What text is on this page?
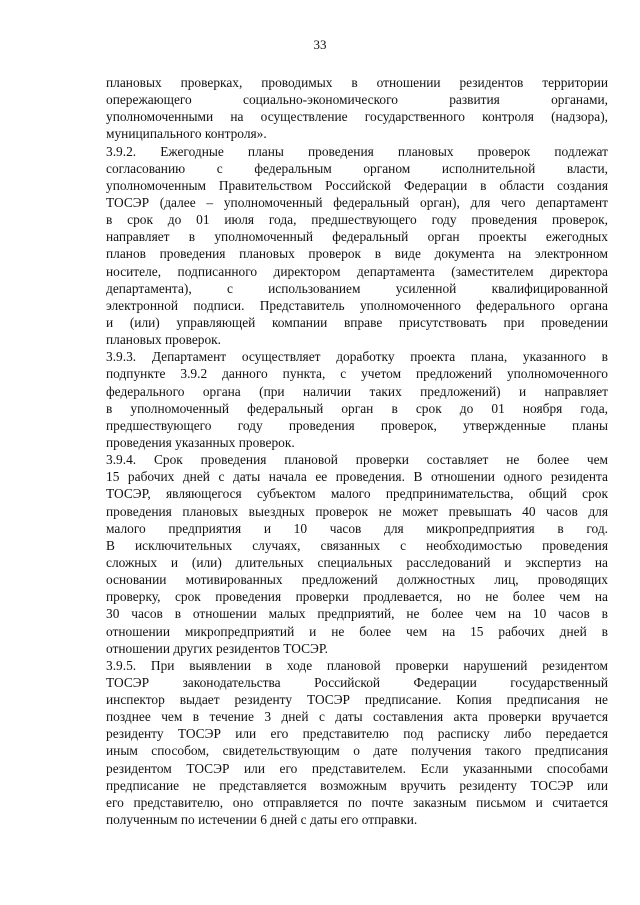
33
плановых проверках, проводимых в отношении резидентов территории
опережающего социально-экономического развития органами,
уполномоченными на осуществление государственного контроля (надзора),
муниципального контроля».
3.9.2. Ежегодные планы проведения плановых проверок подлежат
согласованию с федеральным органом исполнительной власти,
уполномоченным Правительством Российской Федерации в области создания
ТОСЭР (далее – уполномоченный федеральный орган), для чего департамент
в срок до 01 июля года, предшествующего году проведения проверок,
направляет в уполномоченный федеральный орган проекты ежегодных
планов проведения плановых проверок в виде документа на электронном
носителе, подписанного директором департамента (заместителем директора
департамента), с использованием усиленной квалифицированной
электронной подписи. Представитель уполномоченного федерального органа
и (или) управляющей компании вправе присутствовать при проведении
плановых проверок.
3.9.3. Департамент осуществляет доработку проекта плана, указанного в
подпункте 3.9.2 данного пункта, с учетом предложений уполномоченного
федерального органа (при наличии таких предложений) и направляет
в уполномоченный федеральный орган в срок до 01 ноября года,
предшествующего году проведения проверок, утвержденные планы
проведения указанных проверок.
3.9.4. Срок проведения плановой проверки составляет не более чем
15 рабочих дней с даты начала ее проведения. В отношении одного резидента
ТОСЭР, являющегося субъектом малого предпринимательства, общий срок
проведения плановых выездных проверок не может превышать 40 часов для
малого предприятия и 10 часов для микропредприятия в год.
В исключительных случаях, связанных с необходимостью проведения
сложных и (или) длительных специальных расследований и экспертиз на
основании мотивированных предложений должностных лиц, проводящих
проверку, срок проведения проверки продлевается, но не более чем на
30 часов в отношении малых предприятий, не более чем на 10 часов в
отношении микропредприятий и не более чем на 15 рабочих дней в
отношении других резидентов ТОСЭР.
3.9.5. При выявлении в ходе плановой проверки нарушений резидентом
ТОСЭР законодательства Российской Федерации государственный
инспектор выдает резиденту ТОСЭР предписание. Копия предписания не
позднее чем в течение 3 дней с даты составления акта проверки вручается
резиденту ТОСЭР или его представителю под расписку либо передается
иным способом, свидетельствующим о дате получения такого предписания
резидентом ТОСЭР или его представителем. Если указанными способами
предписание не представляется возможным вручить резиденту ТОСЭР или
его представителю, оно отправляется по почте заказным письмом и считается
полученным по истечении 6 дней с даты его отправки.
